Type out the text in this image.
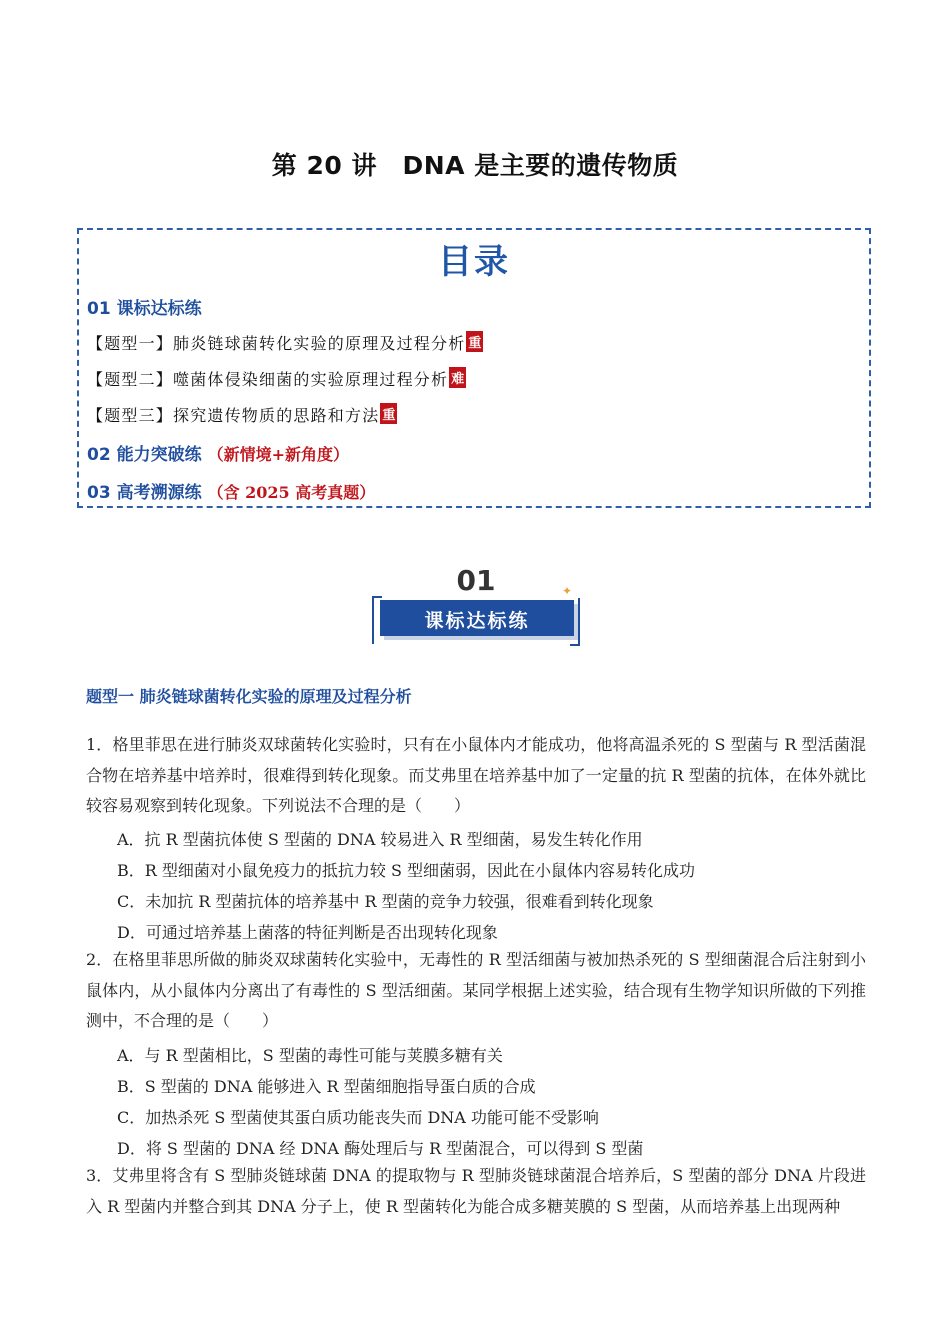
第 20 讲　DNA 是主要的遗传物质
目录
01 课标达标练
【题型一】肺炎链球菌转化实验的原理及过程分析 重
【题型二】噬菌体侵染细菌的实验原理过程分析 难
【题型三】探究遗传物质的思路和方法 重
02 能力突破练 （新情境+新角度）
03 高考溯源练 （含 2025 高考真题）
01	✦
课标达标练
题型一 肺炎链球菌转化实验的原理及过程分析
1．格里菲思在进行肺炎双球菌转化实验时，只有在小鼠体内才能成功，他将高温杀死的 S 型菌与 R 型活菌混合物在培养基中培养时，很难得到转化现象。而艾弗里在培养基中加了一定量的抗 R 型菌的抗体，在体外就比较容易观察到转化现象。下列说法不合理的是（　　）
A．抗 R 型菌抗体使 S 型菌的 DNA 较易进入 R 型细菌，易发生转化作用
B．R 型细菌对小鼠免疫力的抵抗力较 S 型细菌弱，因此在小鼠体内容易转化成功
C．未加抗 R 型菌抗体的培养基中 R 型菌的竞争力较强，很难看到转化现象
D．可通过培养基上菌落的特征判断是否出现转化现象
2．在格里菲思所做的肺炎双球菌转化实验中，无毒性的 R 型活细菌与被加热杀死的 S 型细菌混合后注射到小鼠体内，从小鼠体内分离出了有毒性的 S 型活细菌。某同学根据上述实验，结合现有生物学知识所做的下列推测中，不合理的是（　　）
A．与 R 型菌相比，S 型菌的毒性可能与荚膜多糖有关
B．S 型菌的 DNA 能够进入 R 型菌细胞指导蛋白质的合成
C．加热杀死 S 型菌使其蛋白质功能丧失而 DNA 功能可能不受影响
D．将 S 型菌的 DNA 经 DNA 酶处理后与 R 型菌混合，可以得到 S 型菌
3．艾弗里将含有 S 型肺炎链球菌 DNA 的提取物与 R 型肺炎链球菌混合培养后，S 型菌的部分 DNA 片段进入 R 型菌内并整合到其 DNA 分子上，使 R 型菌转化为能合成多糖荚膜的 S 型菌，从而培养基上出现两种
